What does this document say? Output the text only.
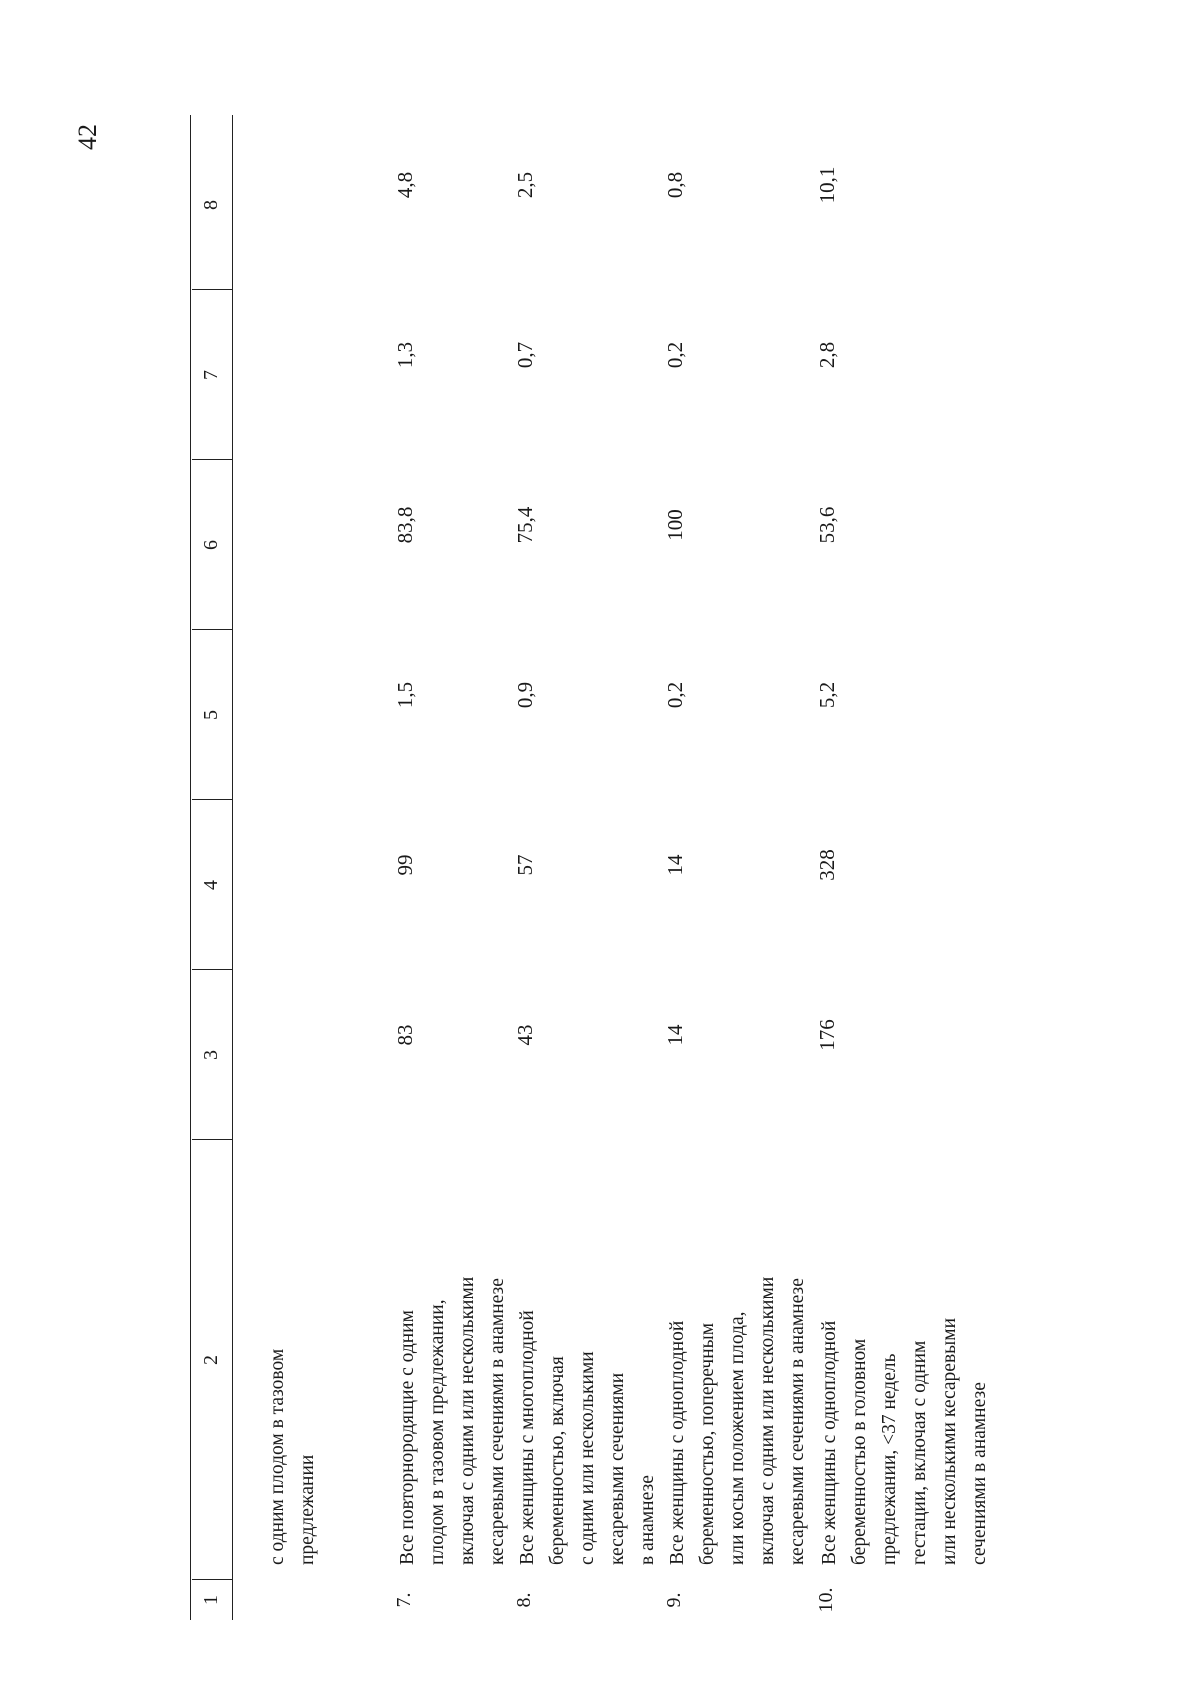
42
1
2
3
4
5
6
7
8
с одним плодом в тазовом предлежании
7.
Все повторнородящие с одним плодом в тазовом предлежании, включая с одним или несколькими кесаревыми сечениями в анамнезе
83
99
1,5
83,8
1,3
4,8
8.
Все женщины с многоплодной беременностью, включая с одним или несколькими кесаревыми сечениями в анамнезе
43
57
0,9
75,4
0,7
2,5
9.
Все женщины с одноплодной беременностью, поперечным или косым положением плода, включая с одним или несколькими кесаревыми сечениями в анамнезе
14
14
0,2
100
0,2
0,8
10.
Все женщины с одноплодной беременностью в головном предлежании, <37 недель гестации, включая с одним или несколькими кесаревыми сечениями в анамнезе
176
328
5,2
53,6
2,8
10,1
